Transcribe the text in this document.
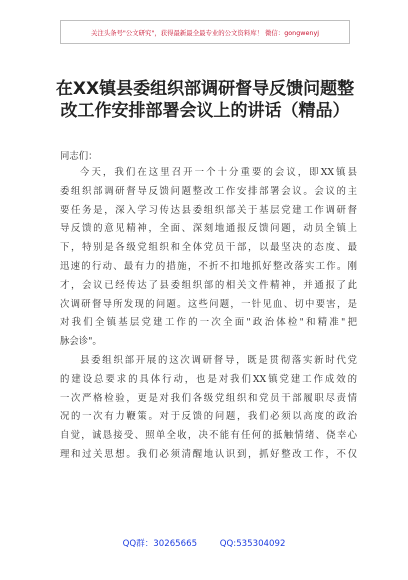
关注头条号"公文研究"，获得最新最全最专业的公文资料库！ 微信：gongwenyj
在XX镇县委组织部调研督导反馈问题整
改工作安排部署会议上的讲话（精品）
同志们：
今天，我们在这里召开一个十分重要的会议，即XX镇县
委组织部调研督导反馈问题整改工作安排部署会议。会议的主
要任务是，深入学习传达县委组织部关于基层党建工作调研督
导反馈的意见精神，全面、深刻地通报反馈问题，动员全镇上
下，特别是各级党组织和全体党员干部，以最坚决的态度、最
迅速的行动、最有力的措施，不折不扣地抓好整改落实工作。刚
才，会议已经传达了县委组织部的相关文件精神，并通报了此
次调研督导所发现的问题。这些问题，一针见血、切中要害，是
对我们全镇基层党建工作的一次全面"政治体检"和精准"把
脉会诊"。
县委组织部开展的这次调研督导，既是贯彻落实新时代党
的建设总要求的具体行动，也是对我们XX镇党建工作成效的
一次严格检验，更是对我们各级党组织和党员干部履职尽责情
况的一次有力鞭策。对于反馈的问题，我们必须以高度的政治
自觉，诚恳接受、照单全收，决不能有任何的抵触情绪、侥幸心
理和过关思想。我们必须清醒地认识到，抓好整改工作，不仅
QQ群：30265665	QQ:535304092
